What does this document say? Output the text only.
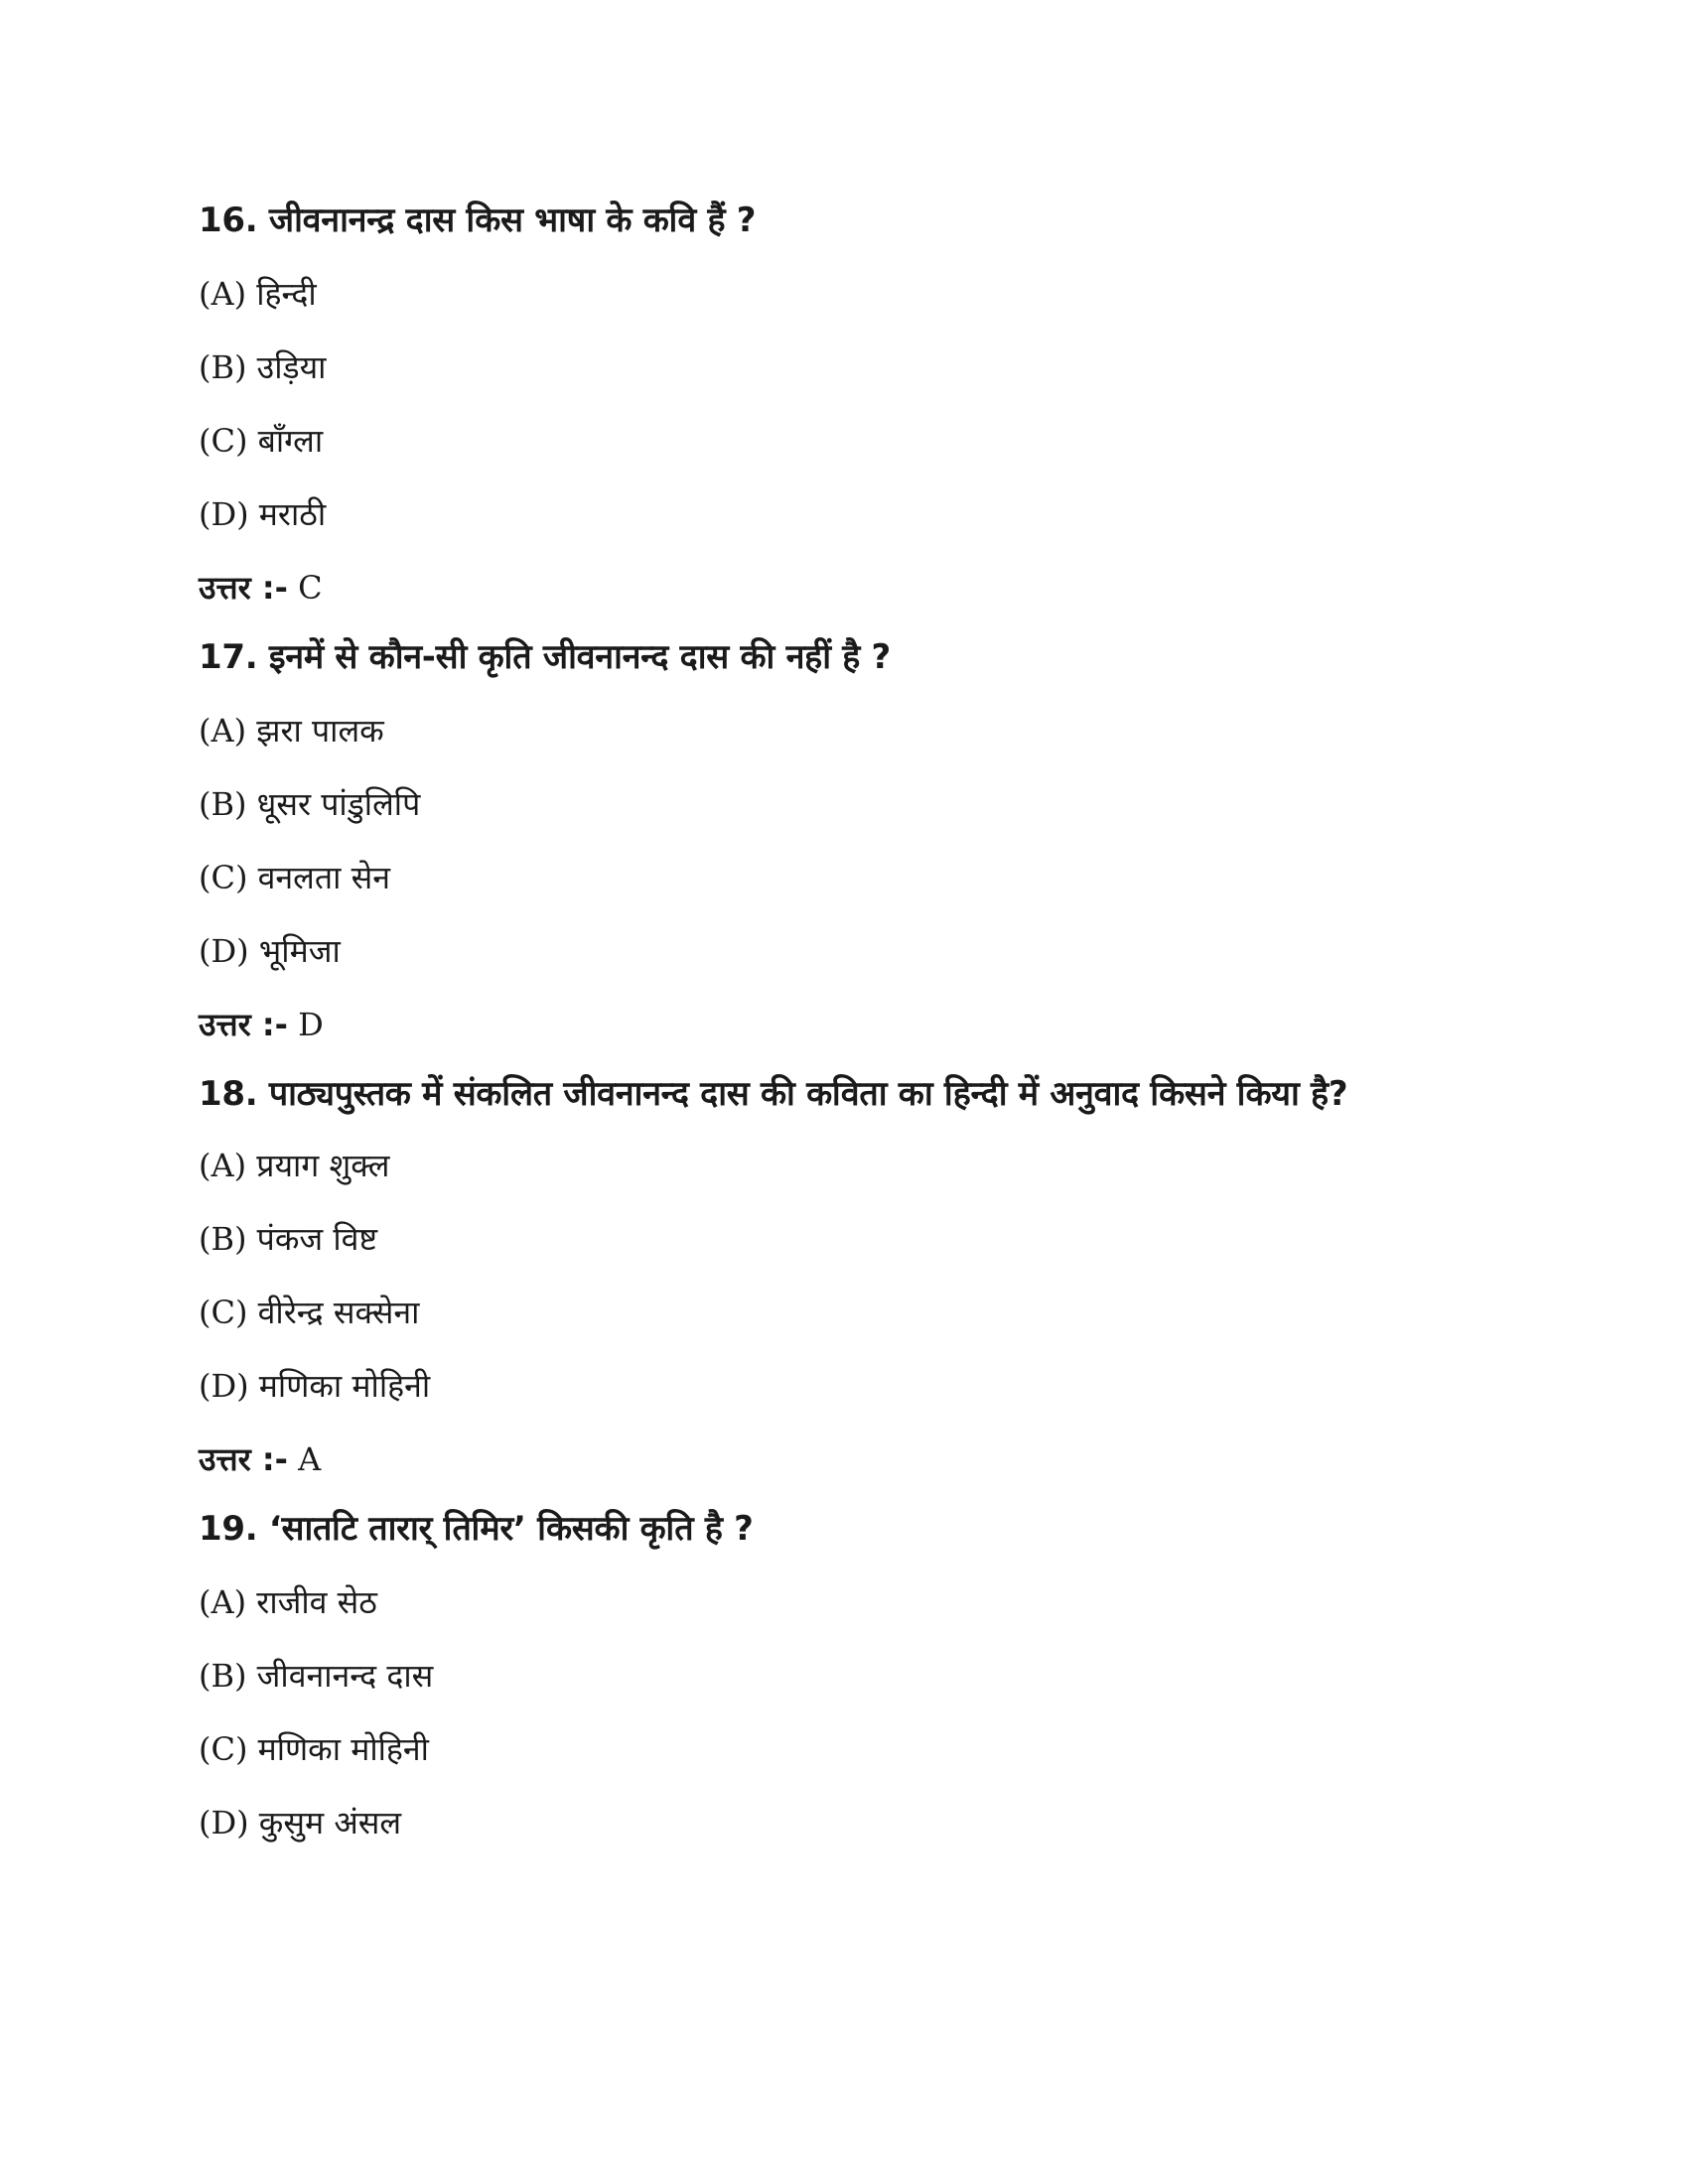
16. जीवनानन्द्र दास किस भाषा के कवि हैं ?

(A) हिन्दी

(B) उड़िया

(C) बाँग्ला

(D) मराठी

उत्तर :- C

17. इनमें से कौन-सी कृति जीवनानन्द दास की नहीं है ?

(A) झरा पालक

(B) धूसर पांडुलिपि

(C) वनलता सेन

(D) भूमिजा

उत्तर :- D

18. पाठ्यपुस्तक में संकलित जीवनानन्द दास की कविता का हिन्दी में अनुवाद किसने किया है?

(A) प्रयाग शुक्ल

(B) पंकज विष्ट

(C) वीरेन्द्र सक्सेना

(D) मणिका मोहिनी

उत्तर :- A

19. ‘सातटि तारार् तिमिर’ किसकी कृति है ?

(A) राजीव सेठ

(B) जीवनानन्द दास

(C) मणिका मोहिनी

(D) कुसुम अंसल
